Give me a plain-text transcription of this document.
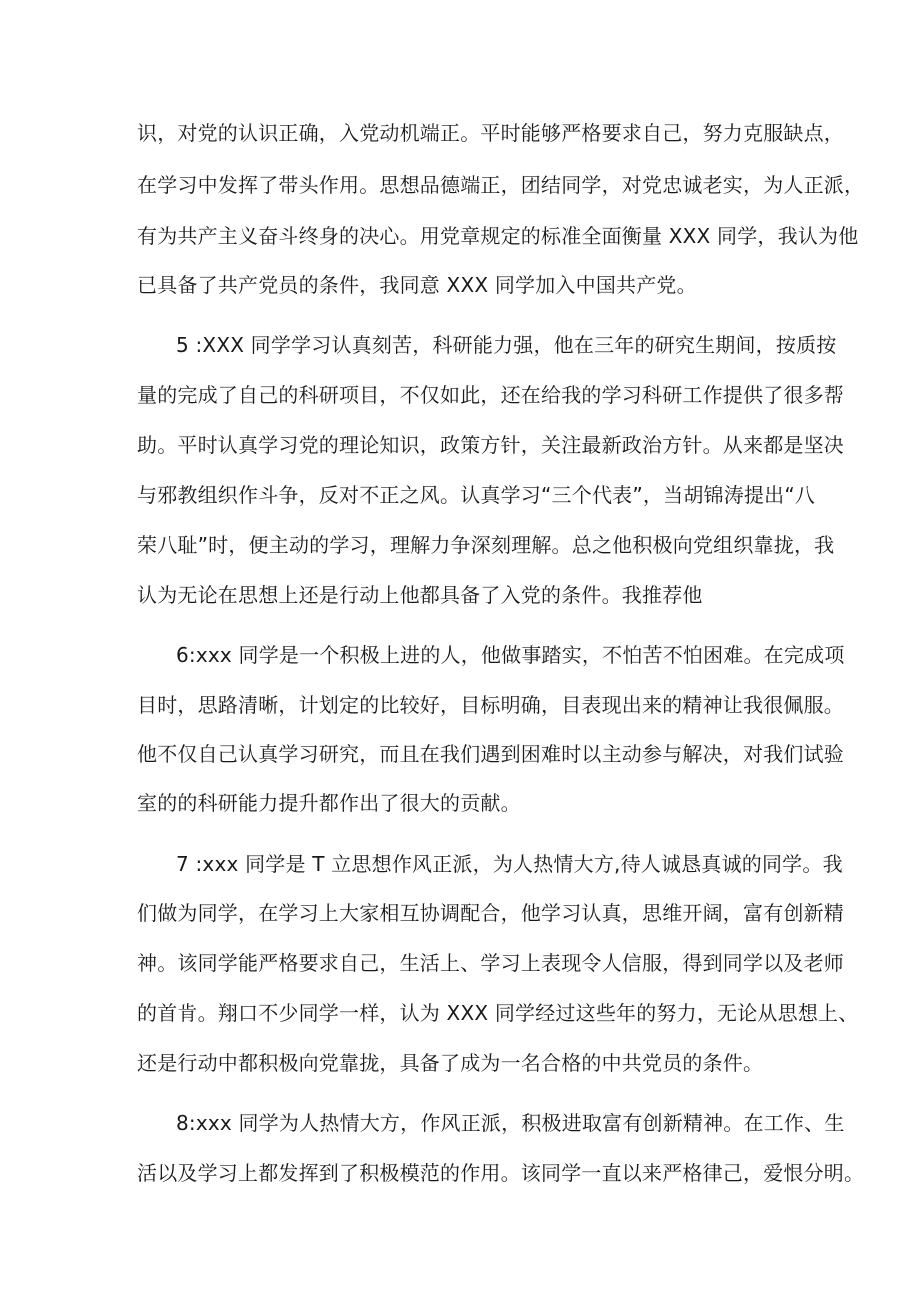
识，对党的认识正确，入党动机端正。平时能够严格要求自己，努力克服缺点，
在学习中发挥了带头作用。思想品德端正，团结同学，对党忠诚老实，为人正派，
有为共产主义奋斗终身的决心。用党章规定的标准全面衡量 XXX 同学，我认为他
已具备了共产党员的条件，我同意 XXX 同学加入中国共产党。
5 :XXX 同学学习认真刻苦，科研能力强，他在三年的研究生期间，按质按
量的完成了自己的科研项目，不仅如此，还在给我的学习科研工作提供了很多帮
助。平时认真学习党的理论知识，政策方针，关注最新政治方针。从来都是坚决
与邪教组织作斗争，反对不正之风。认真学习“三个代表”，当胡锦涛提出“八
荣八耻”时，便主动的学习，理解力争深刻理解。总之他积极向党组织靠拢，我
认为无论在思想上还是行动上他都具备了入党的条件。我推荐他
6:xxx 同学是一个积极上进的人，他做事踏实，不怕苦不怕困难。在完成项
目时，思路清晰，计划定的比较好，目标明确，目表现出来的精神让我很佩服。
他不仅自己认真学习研究，而且在我们遇到困难时以主动参与解决，对我们试验
室的的科研能力提升都作出了很大的贡献。
7 :xxx 同学是 T 立思想作风正派，为人热情大方,待人诚恳真诚的同学。我
们做为同学，在学习上大家相互协调配合，他学习认真，思维开阔，富有创新精
神。该同学能严格要求自己，生活上、学习上表现令人信服，得到同学以及老师
的首肯。翔口不少同学一样，认为 XXX 同学经过这些年的努力，无论从思想上、
还是行动中都积极向党靠拢，具备了成为一名合格的中共党员的条件。
8:xxx 同学为人热情大方，作风正派，积极进取富有创新精神。在工作、生
活以及学习上都发挥到了积极模范的作用。该同学一直以来严格律己，爱恨分明。
